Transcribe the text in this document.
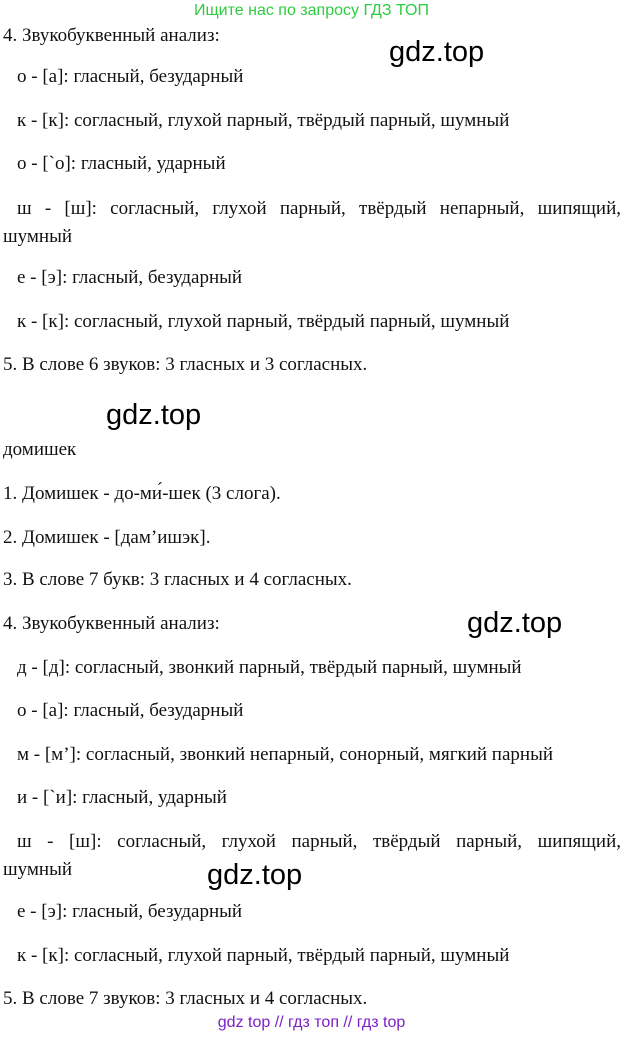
Ищите нас по запросу ГДЗ ТОП
4. Звукобуквенный анализ:
о - [а]: гласный, безударный
к - [к]: согласный, глухой парный, твёрдый парный, шумный
о - [`о]: гласный, ударный
ш - [ш]: согласный, глухой парный, твёрдый непарный, шипящий,
шумный
е - [э]: гласный, безударный
к - [к]: согласный, глухой парный, твёрдый парный, шумный
5. В слове 6 звуков: 3 гласных и 3 согласных.
домишек
1. Домишек - до-ми́-шек (3 слога).
2. Домишек - [дам’ишэк].
3. В слове 7 букв: 3 гласных и 4 согласных.
4. Звукобуквенный анализ:
д - [д]: согласный, звонкий парный, твёрдый парный, шумный
о - [а]: гласный, безударный
м - [м’]: согласный, звонкий непарный, сонорный, мягкий парный
и - [`и]: гласный, ударный
ш - [ш]: согласный, глухой парный, твёрдый парный, шипящий,
шумный
е - [э]: гласный, безударный
к - [к]: согласный, глухой парный, твёрдый парный, шумный
5. В слове 7 звуков: 3 гласных и 4 согласных.
gdz.top
gdz.top
gdz.top
gdz.top
gdz top // гдз топ // гдз top
